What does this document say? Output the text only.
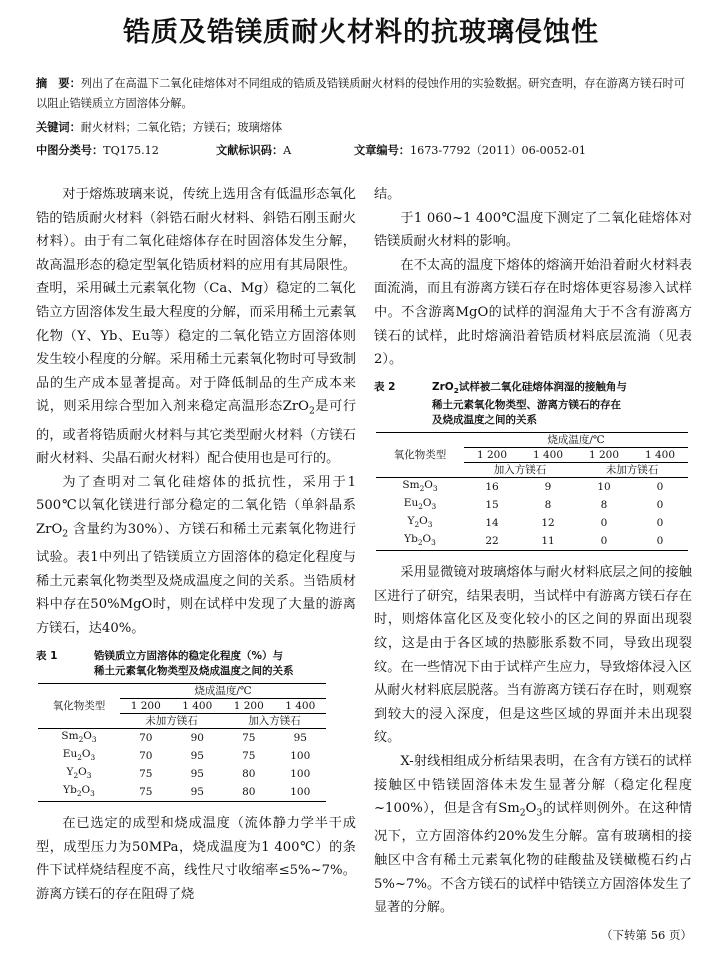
锆质及锆镁质耐火材料的抗玻璃侵蚀性
摘　要：列出了在高温下二氧化硅熔体对不同组成的锆质及锆镁质耐火材料的侵蚀作用的实验数据。研究查明，存在游离方镁石时可以阻止锆镁质立方固溶体分解。
关键词：耐火材料；二氧化锆；方镁石；玻璃熔体
中图分类号：TQ175.12	文献标识码：A	文章编号：1673-7792（2011）06-0052-01

对于熔炼玻璃来说，传统上选用含有低温形态氧化锆的锆质耐火材料（斜锆石耐火材料、斜锆石刚玉耐火材料）。由于有二氧化硅熔体存在时固溶体发生分解，故高温形态的稳定型氧化锆质材料的应用有其局限性。查明，采用碱土元素氧化物（Ca、Mg）稳定的二氧化锆立方固溶体发生最大程度的分解，而采用稀土元素氧化物（Y、Yb、Eu等）稳定的二氧化锆立方固溶体则发生较小程度的分解。采用稀土元素氧化物时可导致制品的生产成本显著提高。对于降低制品的生产成本来说，则采用综合型加入剂来稳定高温形态ZrO$_2$是可行的，或者将锆质耐火材料与其它类型耐火材料（方镁石耐火材料、尖晶石耐火材料）配合使用也是可行的。

为了查明对二氧化硅熔体的抵抗性，采用于1 500℃以氧化镁进行部分稳定的二氧化锆（单斜晶系 ZrO$_2$ 含量约为30%）、方镁石和稀土元素氧化物进行试验。表1中列出了锆镁质立方固溶体的稳定化程度与稀土元素氧化物类型及烧成温度之间的关系。当锆质材料中存在50%MgO时，则在试样中发现了大量的游离方镁石，达40%。

表 1	锆镁质立方固溶体的稳定化程度（%）与
稀土元素氧化物类型及烧成温度之间的关系
氧化物类型	烧成温度/℃			
	1 200	1 400	1 200	1 400
	未加方镁石		加入方镁石	
$Sm_2O_3$	70	90	75	95
$Eu_2O_3$	70	95	75	100
$Y_2O_3$	75	95	80	100
$Yb_2O_3$	75	95	80	100

在已选定的成型和烧成温度（流体静力学半干成型，成型压力为50MPa，烧成温度为1 400℃）的条件下试样烧结程度不高，线性尺寸收缩率≤5%~7%。游离方镁石的存在阻碍了烧

结。

于1 060~1 400℃温度下测定了二氧化硅熔体对锆镁质耐火材料的影响。

在不太高的温度下熔体的熔滴开始沿着耐火材料表面流淌，而且有游离方镁石存在时熔体更容易渗入试样中。不含游离MgO的试样的润湿角大于不含有游离方镁石的试样，此时熔滴沿着锆质材料底层流淌（见表2）。

表 2	ZrO$_2$试样被二氧化硅熔体润湿的接触角与
稀土元素氧化物类型、游离方镁石的存在
及烧成温度之间的关系
氧化物类型	烧成温度/℃			
	1 200	1 400	1 200	1 400
	加入方镁石		未加方镁石	
$Sm_2O_3$	16	9	10	0
$Eu_2O_3$	15	8	8	0
$Y_2O_3$	14	12	0	0
$Yb_2O_3$	22	11	0	0

采用显微镜对玻璃熔体与耐火材料底层之间的接触区进行了研究，结果表明，当试样中有游离方镁石存在时，则熔体富化区及变化较小的区之间的界面出现裂纹，这是由于各区域的热膨胀系数不同，导致出现裂纹。在一些情况下由于试样产生应力，导致熔体浸入区从耐火材料底层脱落。当有游离方镁石存在时，则观察到较大的浸入深度，但是这些区域的界面并未出现裂纹。

X-射线相组成分析结果表明，在含有方镁石的试样接触区中锆镁固溶体未发生显著分解（稳定化程度~100%），但是含有$Sm_2O_3$的试样则例外。在这种情况下，立方固溶体约20%发生分解。富有玻璃相的接触区中含有稀土元素氧化物的硅酸盐及镁橄榄石约占5%~7%。不含方镁石的试样中锆镁立方固溶体发生了显著的分解。

（下转第 56 页）
